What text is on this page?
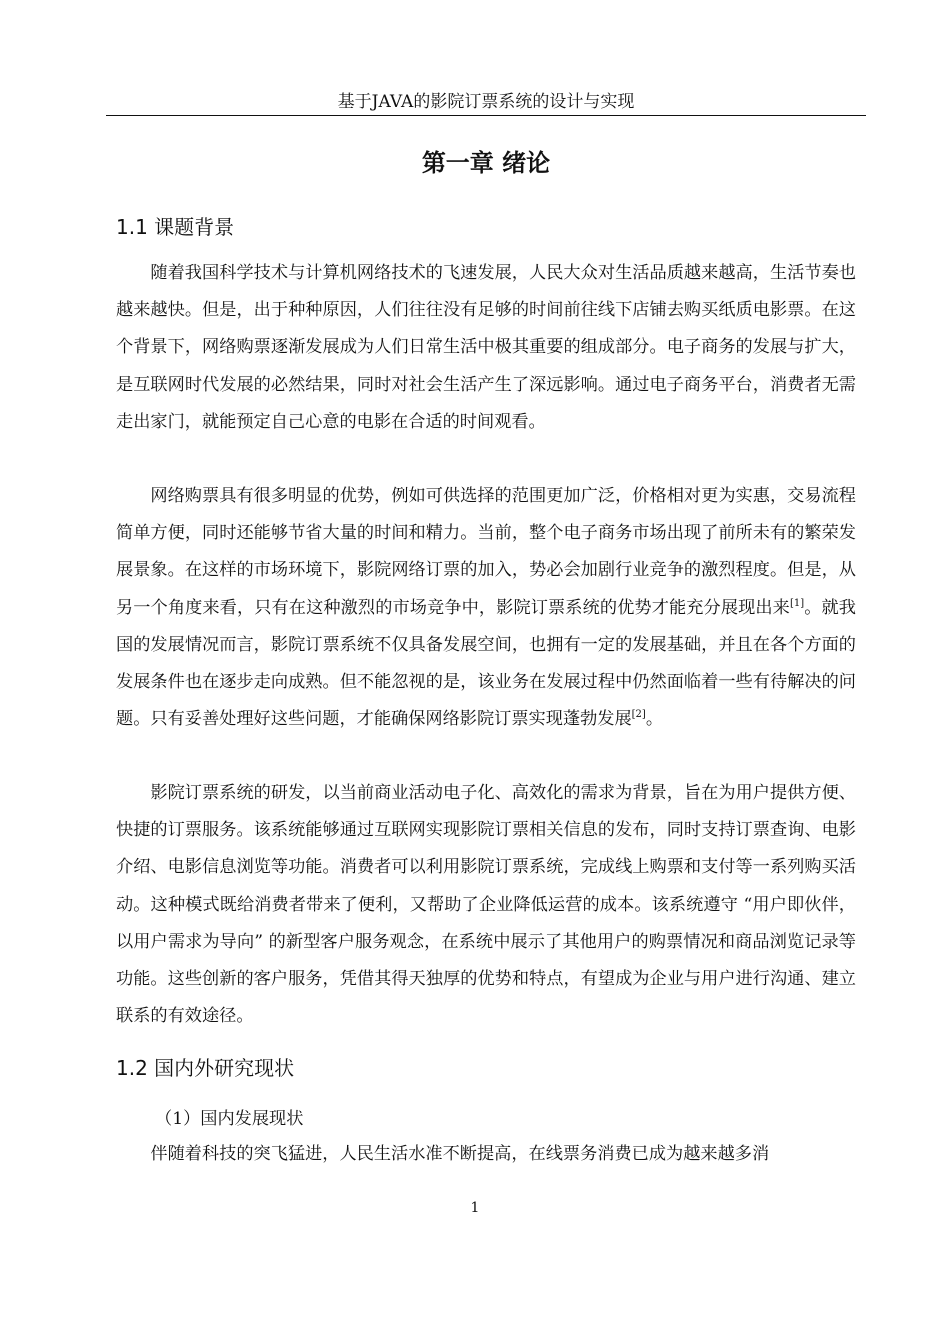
基于JAVA的影院订票系统的设计与实现
第一章 绪论
1.1 课题背景

随着我国科学技术与计算机网络技术的飞速发展，人民大众对生活品质越来越高，生活节奏也越来越快。但是，出于种种原因，人们往往没有足够的时间前往线下店铺去购买纸质电影票。在这个背景下，网络购票逐渐发展成为人们日常生活中极其重要的组成部分。电子商务的发展与扩大，是互联网时代发展的必然结果，同时对社会生活产生了深远影响。通过电子商务平台，消费者无需走出家门，就能预定自己心意的电影在合适的时间观看。

网络购票具有很多明显的优势，例如可供选择的范围更加广泛，价格相对更为实惠，交易流程简单方便，同时还能够节省大量的时间和精力。当前，整个电子商务市场出现了前所未有的繁荣发展景象。在这样的市场环境下，影院网络订票的加入，势必会加剧行业竞争的激烈程度。但是，从另一个角度来看，只有在这种激烈的市场竞争中，影院订票系统的优势才能充分展现出来[1]。就我国的发展情况而言，影院订票系统不仅具备发展空间，也拥有一定的发展基础，并且在各个方面的发展条件也在逐步走向成熟。但不能忽视的是，该业务在发展过程中仍然面临着一些有待解决的问题。只有妥善处理好这些问题，才能确保网络影院订票实现蓬勃发展[2]。

影院订票系统的研发，以当前商业活动电子化、高效化的需求为背景，旨在为用户提供方便、快捷的订票服务。该系统能够通过互联网实现影院订票相关信息的发布，同时支持订票查询、电影介绍、电影信息浏览等功能。消费者可以利用影院订票系统，完成线上购票和支付等一系列购买活动。这种模式既给消费者带来了便利，又帮助了企业降低运营的成本。该系统遵守 “用户即伙伴，以用户需求为导向” 的新型客户服务观念，在系统中展示了其他用户的购票情况和商品浏览记录等功能。这些创新的客户服务，凭借其得天独厚的优势和特点，有望成为企业与用户进行沟通、建立联系的有效途径。

1.2 国内外研究现状
（1）国内发展现状

伴随着科技的突飞猛进，人民生活水准不断提高，在线票务消费已成为越来越多消

1
